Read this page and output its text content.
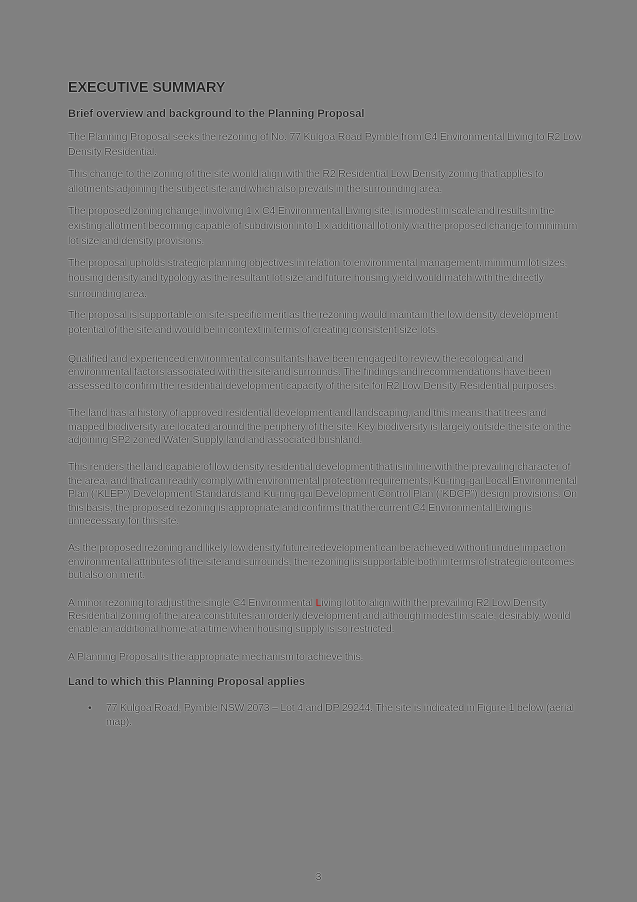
EXECUTIVE SUMMARY
Brief overview and background to the Planning Proposal

The Planning Proposal seeks the rezoning of No. 77 Kulgoa Road Pymble from C4 Environmental Living to R2 Low Density Residential.

This change to the zoning of the site would align with the R2 Residential Low Density zoning that applies to allotments adjoining the subject site and which also prevails in the surrounding area.

The proposed zoning change, involving 1 x C4 Environmental Living site, is modest in scale and results in the existing allotment becoming capable of subdivision into 1 x additional lot only via the proposed change to minimum lot size and density provisions.

The proposal upholds strategic planning objectives in relation to environmental management, minimum lot sizes, housing density and typology as the resultant lot size and future housing yield would match with the directly surrounding area.

The proposal is supportable on site-specific merit as the rezoning would maintain the low density development potential of the site and would be in context in terms of creating consistent size lots.

Qualified and experienced environmental consultants have been engaged to review the ecological and environmental factors associated with the site and surrounds. The findings and recommendations have been assessed to confirm the residential development capacity of the site for R2 Low Density Residential purposes.

The land has a history of approved residential development and landscaping, and this means that trees and mapped biodiversity are located around the periphery of the site. Key biodiversity is largely outside the site on the adjoining SP2 zoned Water Supply land and associated bushland.

This renders the land capable of low density residential development that is in line with the prevailing character of the area, and that can readily comply with environmental protection requirements, Ku-ring-gai Local Environmental Plan (“KLEP”) Development Standards and Ku-ring-gai Development Control Plan (“KDCP”) design provisions. On this basis, the proposed rezoning is appropriate and confirms that the current C4 Environmental Living is unnecessary for this site.

As the proposed rezoning and likely low density future redevelopment can be achieved without undue impact on environmental attributes of the site and surrounds, the rezoning is supportable both in terms of strategic outcomes but also on merit.

A minor rezoning to adjust the single C4 Environmental Living lot to align with the prevailing R2 Low Density Residential zoning of the area constitutes an orderly development and although modest in scale, desirably, would enable an additional home at a time when housing supply is so restricted.

A Planning Proposal is the appropriate mechanism to achieve this.

Land to which this Planning Proposal applies
• 77 Kulgoa Road, Pymble NSW 2073 – Lot 4 and DP 29244. The site is indicated in Figure 1 below (aerial map).
3
